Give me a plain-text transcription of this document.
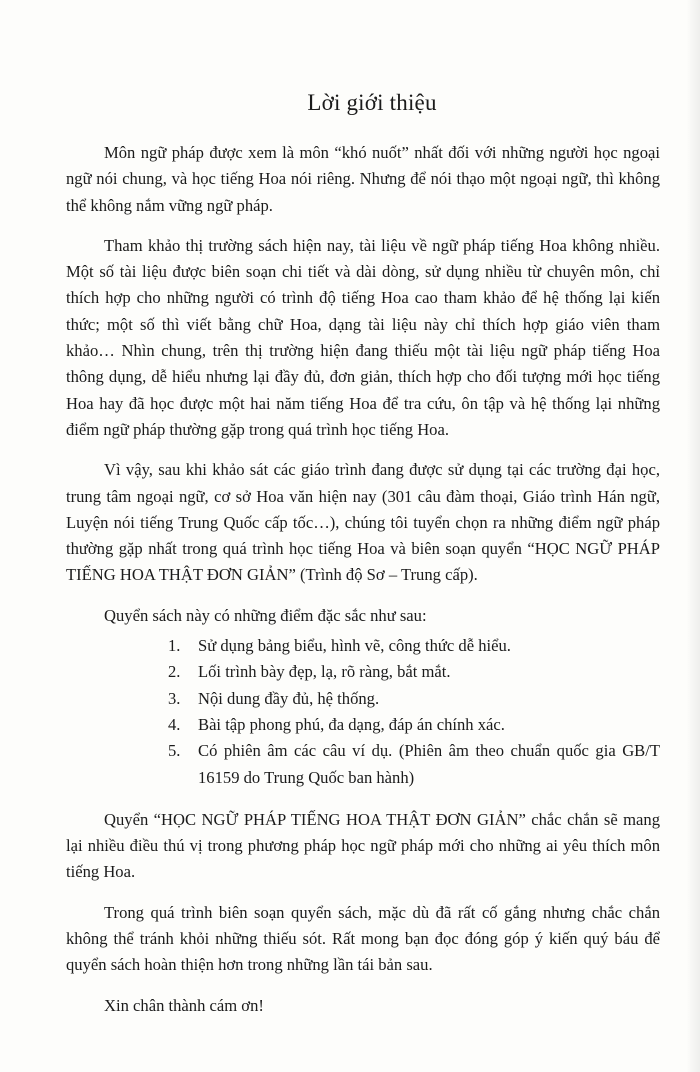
Lời giới thiệu

Môn ngữ pháp được xem là môn “khó nuốt” nhất đối với những người học ngoại ngữ nói chung, và học tiếng Hoa nói riêng. Nhưng để nói thạo một ngoại ngữ, thì không thể không nắm vững ngữ pháp.

Tham khảo thị trường sách hiện nay, tài liệu về ngữ pháp tiếng Hoa không nhiều. Một số tài liệu được biên soạn chi tiết và dài dòng, sử dụng nhiều từ chuyên môn, chỉ thích hợp cho những người có trình độ tiếng Hoa cao tham khảo để hệ thống lại kiến thức; một số thì viết bằng chữ Hoa, dạng tài liệu này chỉ thích hợp giáo viên tham khảo… Nhìn chung, trên thị trường hiện đang thiếu một tài liệu ngữ pháp tiếng Hoa thông dụng, dễ hiểu nhưng lại đầy đủ, đơn giản, thích hợp cho đối tượng mới học tiếng Hoa hay đã học được một hai năm tiếng Hoa để tra cứu, ôn tập và hệ thống lại những điểm ngữ pháp thường gặp trong quá trình học tiếng Hoa.

Vì vậy, sau khi khảo sát các giáo trình đang được sử dụng tại các trường đại học, trung tâm ngoại ngữ, cơ sở Hoa văn hiện nay (301 câu đàm thoại, Giáo trình Hán ngữ, Luyện nói tiếng Trung Quốc cấp tốc…), chúng tôi tuyển chọn ra những điểm ngữ pháp thường gặp nhất trong quá trình học tiếng Hoa và biên soạn quyển “HỌC NGỮ PHÁP TIẾNG HOA THẬT ĐƠN GIẢN” (Trình độ Sơ – Trung cấp).

Quyển sách này có những điểm đặc sắc như sau:

1.	Sử dụng bảng biểu, hình vẽ, công thức dễ hiểu.
2.	Lối trình bày đẹp, lạ, rõ ràng, bắt mắt.
3.	Nội dung đầy đủ, hệ thống.
4.	Bài tập phong phú, đa dạng, đáp án chính xác.
5.	Có phiên âm các câu ví dụ. (Phiên âm theo chuẩn quốc gia GB/T 16159 do Trung Quốc ban hành)

Quyển “HỌC NGỮ PHÁP TIẾNG HOA THẬT ĐƠN GIẢN” chắc chắn sẽ mang lại nhiều điều thú vị trong phương pháp học ngữ pháp mới cho những ai yêu thích môn tiếng Hoa.

Trong quá trình biên soạn quyển sách, mặc dù đã rất cố gắng nhưng chắc chắn không thể tránh khỏi những thiếu sót. Rất mong bạn đọc đóng góp ý kiến quý báu để quyển sách hoàn thiện hơn trong những lần tái bản sau.

Xin chân thành cám ơn!
